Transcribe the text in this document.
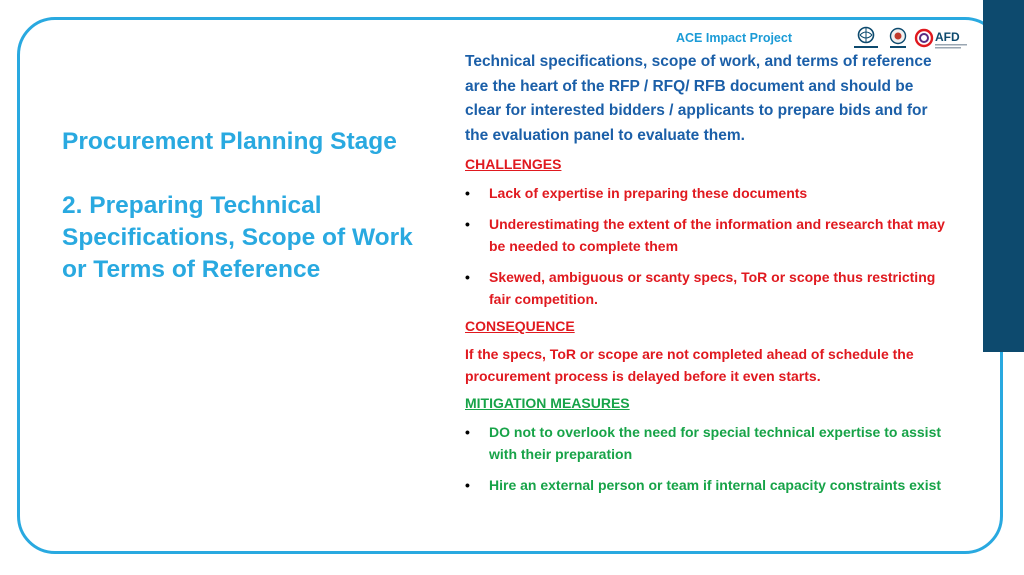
ACE Impact Project	AFD
Procurement Planning Stage
2. Preparing Technical Specifications, Scope of Work or Terms of Reference

Technical specifications, scope of work, and terms of reference are the heart of the RFP / RFQ/ RFB document and should be clear for interested bidders / applicants to prepare bids and for the evaluation panel to evaluate them.

CHALLENGES

• Lack of expertise in preparing these documents
• Underestimating the extent of the information and research that may be needed to complete them
• Skewed, ambiguous or scanty specs, ToR or scope thus restricting fair competition.

CONSEQUENCE

If the specs, ToR or scope are not completed ahead of schedule the procurement process is delayed before it even starts.

MITIGATION MEASURES

• DO not to overlook the need for special technical expertise to assist with their preparation
• Hire an external person or team if internal capacity constraints exist
